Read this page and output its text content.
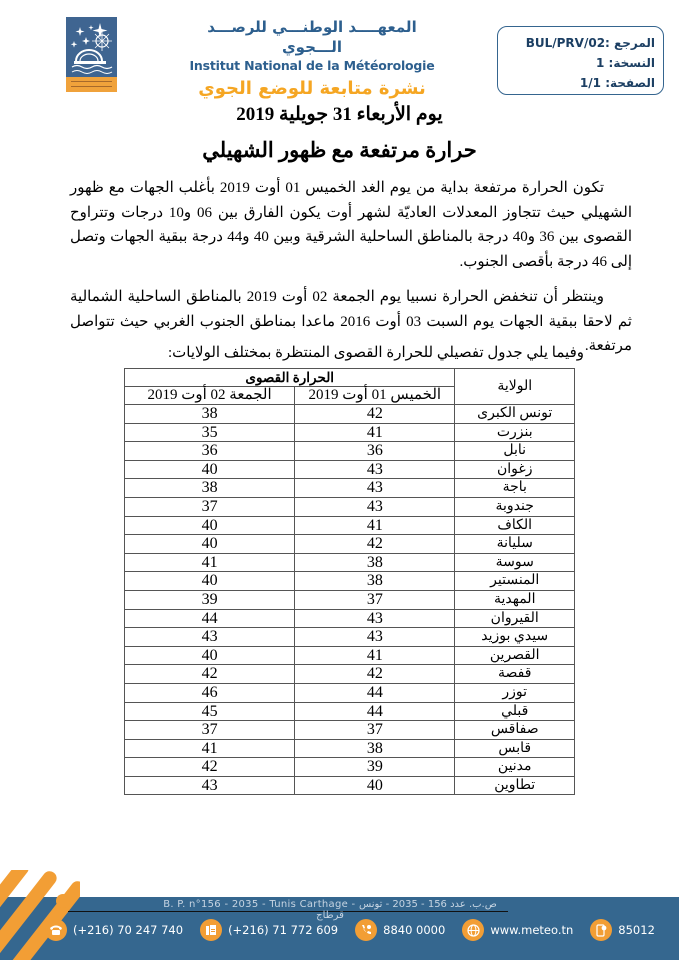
المعهــــد الوطنـــي للرصـــد الـــجوي
Institut National de la Météorologie
نشرة متابعة للوضع الجوي
المرجع :BUL/PRV/02
النسخة: 1
الصفحة: 1/1
يوم الأربعاء 31 جويلية 2019
حرارة مرتفعة مع ظهور الشهيلي
تكون الحرارة مرتفعة بداية من يوم الغد الخميس 01 أوت 2019 بأغلب الجهات مع ظهور الشهيلي حيث تتجاوز المعدلات العاديّة لشهر أوت يكون الفارق بين 06 و10 درجات وتتراوح القصوى بين 36 و40 درجة بالمناطق الساحلية الشرقية وبين 40 و44 درجة ببقية الجهات وتصل إلى 46 درجة بأقصى الجنوب.
وينتظر أن تنخفض الحرارة نسبيا يوم الجمعة 02 أوت 2019 بالمناطق الساحلية الشمالية ثم لاحقا ببقية الجهات يوم السبت 03 أوت 2016 ماعدا بمناطق الجنوب الغربي حيث تتواصل مرتفعة.
وفيما يلي جدول تفصيلي للحرارة القصوى المنتظرة بمختلف الولايات:
الولاية	الحرارة القصوى	
	الخميس 01 أوت 2019	الجمعة 02 أوت 2019
تونس الكبرى	42	38
بنزرت	41	35
نابل	36	36
زغوان	43	40
باجة	43	38
جندوبة	43	37
الكاف	41	40
سليانة	42	40
سوسة	38	41
المنستير	38	40
المهدية	37	39
القيروان	43	44
سيدي بوزيد	43	43
القصرين	41	40
قفصة	42	42
توزر	44	46
قبلي	44	45
صفاقس	37	37
قابس	38	41
مدنين	39	42
تطاوين	40	43
B. P. n°156 - 2035 - Tunis Carthage - ص.ب. عدد 156 - 2035 - تونس قرطاج
(+216) 70 247 740	(+216) 71 772 609	8840 0000	www.meteo.tn	85012
